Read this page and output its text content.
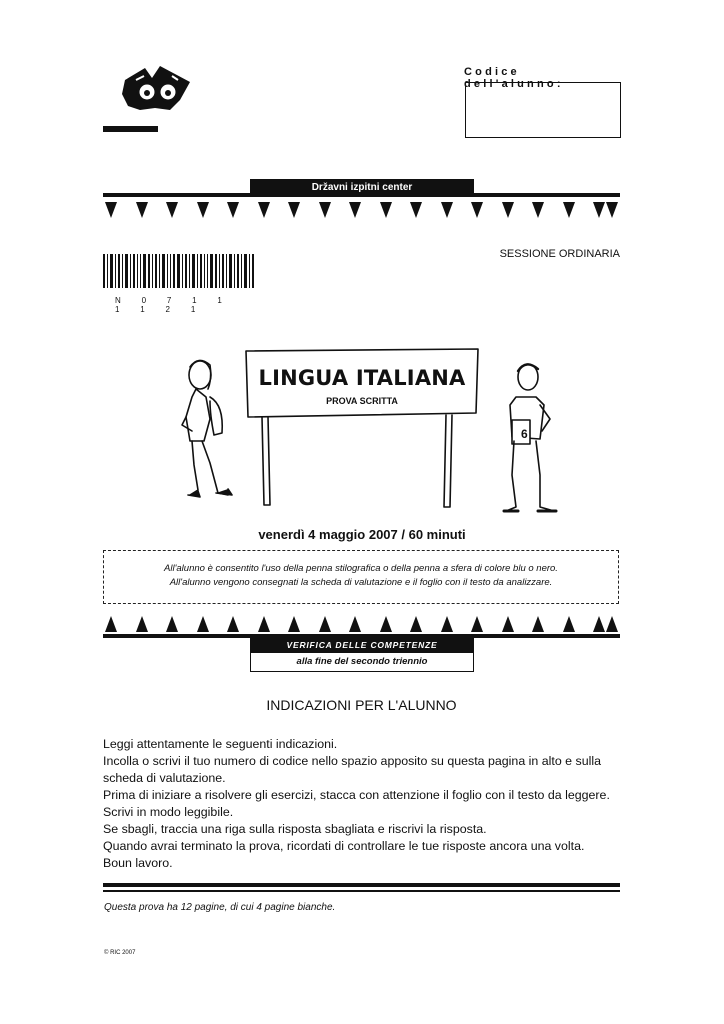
Codice dell'alunno:
Državni izpitni center
N 0 7 1 1 1 1 2 1
SESSIONE ORDINARIA
6
LINGUA ITALIANA
PROVA SCRITTA
venerdì 4 maggio 2007 / 60 minuti
All'alunno è consentito l'uso della penna stilografica o della penna a sfera di colore blu o nero.
All'alunno vengono consegnati la scheda di valutazione e il foglio con il testo da analizzare.
VERIFICA DELLE COMPETENZE
alla fine del secondo triennio
INDICAZIONI PER L'ALUNNO
Leggi attentamente le seguenti indicazioni.
Incolla o scrivi il tuo numero di codice nello spazio apposito su questa pagina in alto e sulla scheda di valutazione.
Prima di iniziare a risolvere gli esercizi, stacca con attenzione il foglio con il testo da leggere.
Scrivi in modo leggibile.
Se sbagli, traccia una riga sulla risposta sbagliata e riscrivi la risposta.
Quando avrai terminato la prova, ricordati di controllare le tue risposte ancora una volta.
Boun lavoro.
Questa prova ha 12 pagine, di cui 4 pagine bianche.
© RIC 2007
